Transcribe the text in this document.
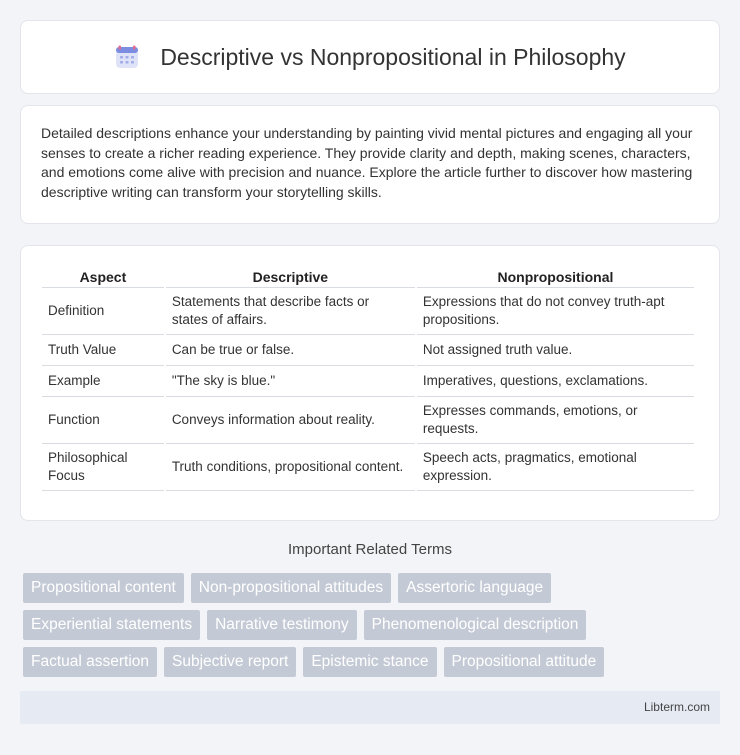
Descriptive vs Nonpropositional in Philosophy

Detailed descriptions enhance your understanding by painting vivid mental pictures and engaging all your senses to create a richer reading experience. They provide clarity and depth, making scenes, characters, and emotions come alive with precision and nuance. Explore the article further to discover how mastering descriptive writing can transform your storytelling skills.

Aspect	Descriptive	Nonpropositional
Definition	Statements that describe facts or states of affairs.	Expressions that do not convey truth-apt propositions.
Truth Value	Can be true or false.	Not assigned truth value.
Example	"The sky is blue."	Imperatives, questions, exclamations.
Function	Conveys information about reality.	Expresses commands, emotions, or requests.
Philosophical Focus	Truth conditions, propositional content.	Speech acts, pragmatics, emotional expression.
Important Related Terms
Propositional content	Non-propositional attitudes	Assertoric language
Experiential statements	Narrative testimony	Phenomenological description
Factual assertion	Subjective report	Epistemic stance	Propositional attitude
Libterm.com
